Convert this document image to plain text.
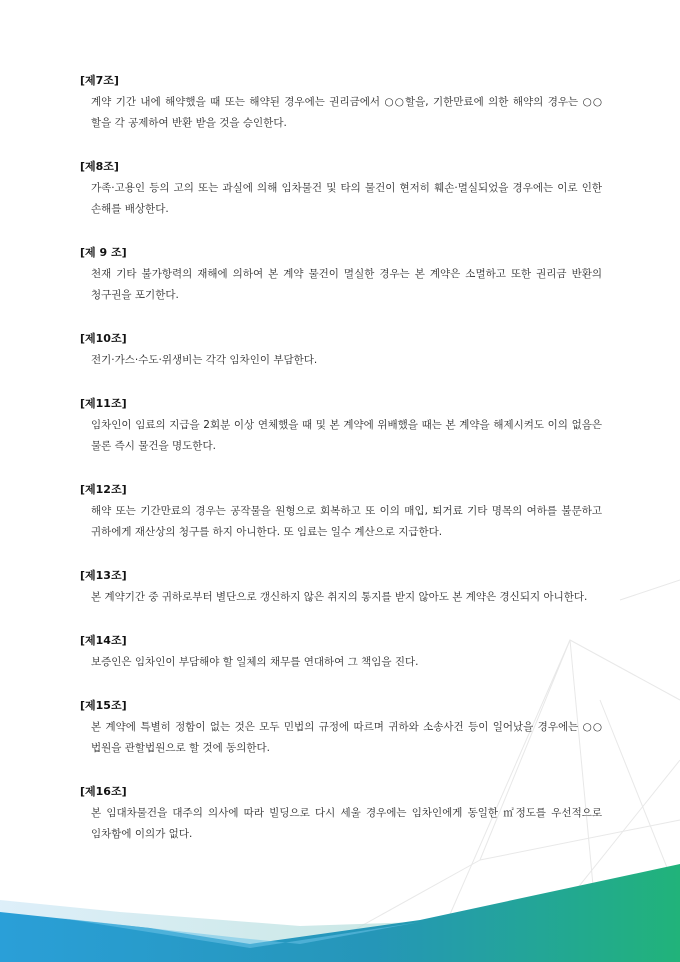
[제7조]
계약 기간 내에 해약했을 때 또는 해약된 경우에는 권리금에서 ○○할을, 기한만료에 의한 해약의 경우는 ○○할을 각 공제하여 반환 받을 것을 승인한다.
[제8조]
가족·고용인 등의 고의 또는 과실에 의해 임차물건 및 타의 물건이 현저히 훼손·멸실되었을 경우에는 이로 인한 손해를 배상한다.
[제 9 조]
천재 기타 불가항력의 재해에 의하여 본 계약 물건이 멸실한 경우는 본 계약은 소멸하고 또한 권리금 반환의 청구권을 포기한다.
[제10조]
전기·가스·수도·위생비는 각각 임차인이 부담한다.
[제11조]
임차인이 임료의 지급을 2회분 이상 연체했을 때 및 본 계약에 위배했을 때는 본 계약을 해제시켜도 이의 없음은 물론 즉시 물건을 명도한다.
[제12조]
해약 또는 기간만료의 경우는 공작물을 원형으로 회복하고 또 이의 매입, 퇴거료 기타 명목의 여하를 불문하고 귀하에게 재산상의 청구를 하지 아니한다. 또 임료는 일수 계산으로 지급한다.
[제13조]
본 계약기간 중 귀하로부터 별단으로 갱신하지 않은 취지의 통지를 받지 않아도 본 계약은 경신되지 아니한다.
[제14조]
보증인은 임차인이 부담해야 할 일체의 채무를 연대하여 그 책임을 진다.
[제15조]
본 계약에 특별히 정함이 없는 것은 모두 민법의 규정에 따르며 귀하와 소송사건 등이 일어났을 경우에는 ○○법원을 관할법원으로 할 것에 동의한다.
[제16조]
본 임대차물건을 대주의 의사에 따라 빌딩으로 다시 세울 경우에는 임차인에게 동일한 ㎡정도를 우선적으로 임차함에 이의가 없다.
